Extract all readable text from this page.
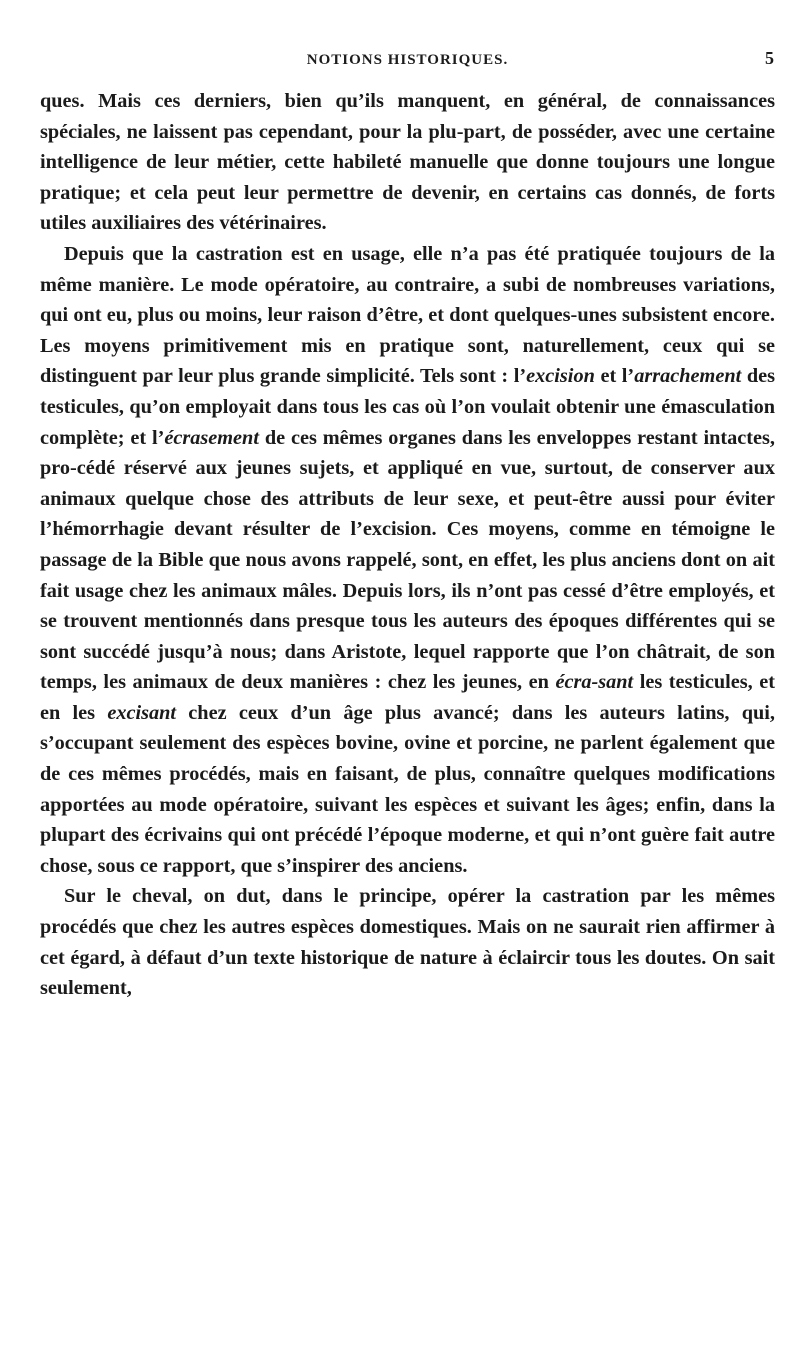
NOTIONS HISTORIQUES.	5

ques. Mais ces derniers, bien qu’ils manquent, en général, de connaissances spéciales, ne laissent pas cependant, pour la plu-part, de posséder, avec une certaine intelligence de leur métier, cette habileté manuelle que donne toujours une longue pratique; et cela peut leur permettre de devenir, en certains cas donnés, de forts utiles auxiliaires des vétérinaires.

Depuis que la castration est en usage, elle n’a pas été pratiquée toujours de la même manière. Le mode opératoire, au contraire, a subi de nombreuses variations, qui ont eu, plus ou moins, leur raison d’être, et dont quelques-unes subsistent encore. Les moyens primitivement mis en pratique sont, naturellement, ceux qui se distinguent par leur plus grande simplicité. Tels sont : l’excision et l’arrachement des testicules, qu’on employait dans tous les cas où l’on voulait obtenir une émasculation complète; et l’écrasement de ces mêmes organes dans les enveloppes restant intactes, pro-cédé réservé aux jeunes sujets, et appliqué en vue, surtout, de conserver aux animaux quelque chose des attributs de leur sexe, et peut-être aussi pour éviter l’hémorrhagie devant résulter de l’excision. Ces moyens, comme en témoigne le passage de la Bible que nous avons rappelé, sont, en effet, les plus anciens dont on ait fait usage chez les animaux mâles. Depuis lors, ils n’ont pas cessé d’être employés, et se trouvent mentionnés dans presque tous les auteurs des époques différentes qui se sont succédé jusqu’à nous; dans Aristote, lequel rapporte que l’on châtrait, de son temps, les animaux de deux manières : chez les jeunes, en écra-sant les testicules, et en les excisant chez ceux d’un âge plus avancé; dans les auteurs latins, qui, s’occupant seulement des espèces bovine, ovine et porcine, ne parlent également que de ces mêmes procédés, mais en faisant, de plus, connaître quelques modifications apportées au mode opératoire, suivant les espèces et suivant les âges; enfin, dans la plupart des écrivains qui ont précédé l’époque moderne, et qui n’ont guère fait autre chose, sous ce rapport, que s’inspirer des anciens.

Sur le cheval, on dut, dans le principe, opérer la castration par les mêmes procédés que chez les autres espèces domestiques. Mais on ne saurait rien affirmer à cet égard, à défaut d’un texte historique de nature à éclaircir tous les doutes. On sait seulement,
